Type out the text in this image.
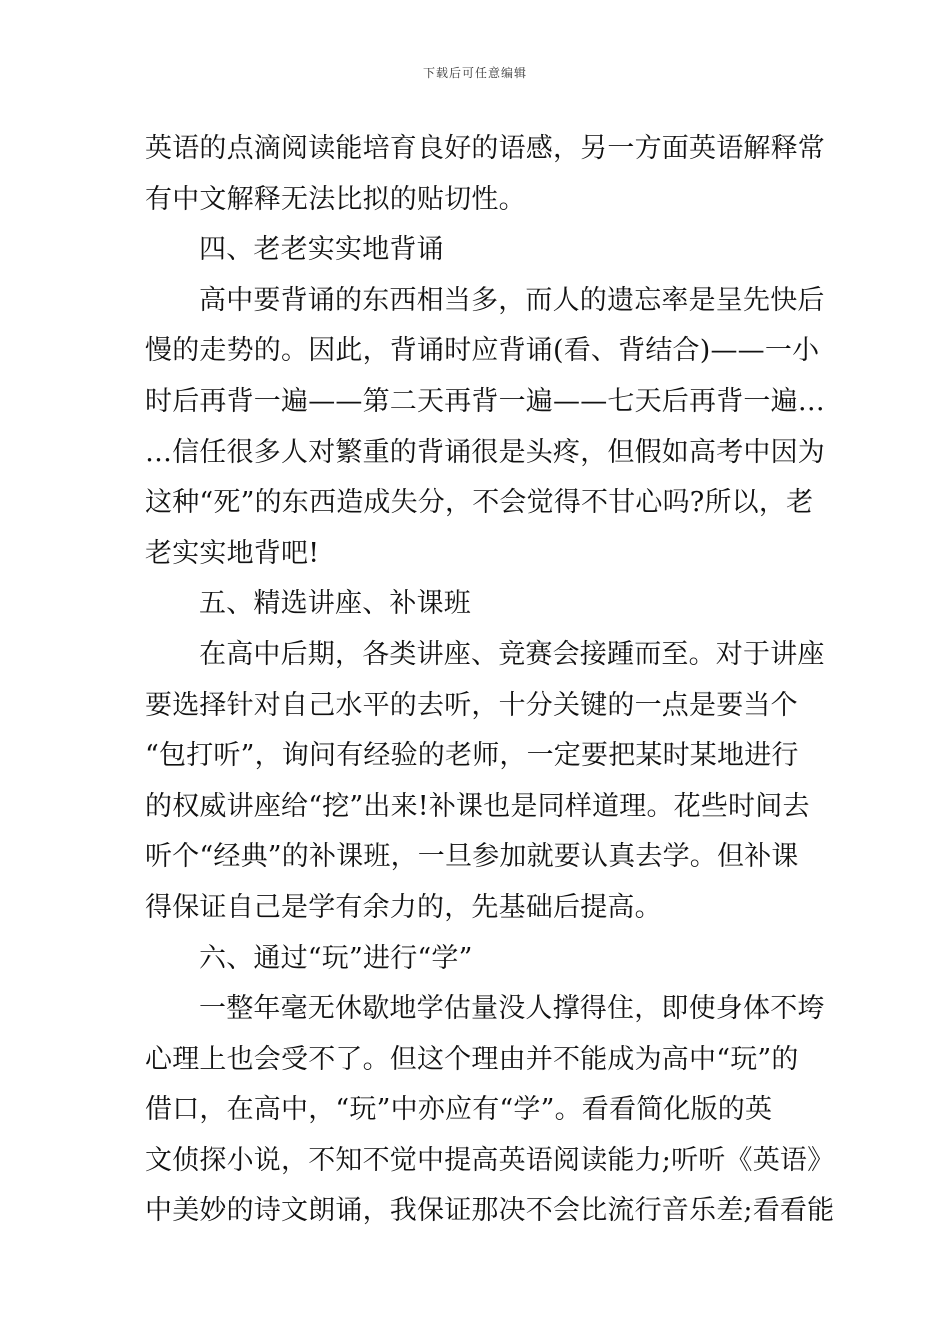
下载后可任意编辑
英语的点滴阅读能培育良好的语感，另一方面英语解释常
有中文解释无法比拟的贴切性。
四、老老实实地背诵
高中要背诵的东西相当多，而人的遗忘率是呈先快后
慢的走势的。因此，背诵时应背诵(看、背结合)——一小
时后再背一遍——第二天再背一遍——七天后再背一遍…
…信任很多人对繁重的背诵很是头疼，但假如高考中因为
这种“死”的东西造成失分，不会觉得不甘心吗?所以，老
老实实地背吧!
五、精选讲座、补课班
在高中后期，各类讲座、竞赛会接踵而至。对于讲座
要选择针对自己水平的去听，十分关键的一点是要当个
“包打听”，询问有经验的老师，一定要把某时某地进行
的权威讲座给“挖”出来!补课也是同样道理。花些时间去
听个“经典”的补课班，一旦参加就要认真去学。但补课
得保证自己是学有余力的，先基础后提高。
六、通过“玩”进行“学”
一整年毫无休歇地学估量没人撑得住，即使身体不垮
心理上也会受不了。但这个理由并不能成为高中“玩”的
借口，在高中，“玩”中亦应有“学”。看看简化版的英
文侦探小说，不知不觉中提高英语阅读能力;听听《英语》
中美妙的诗文朗诵，我保证那决不会比流行音乐差;看看能
